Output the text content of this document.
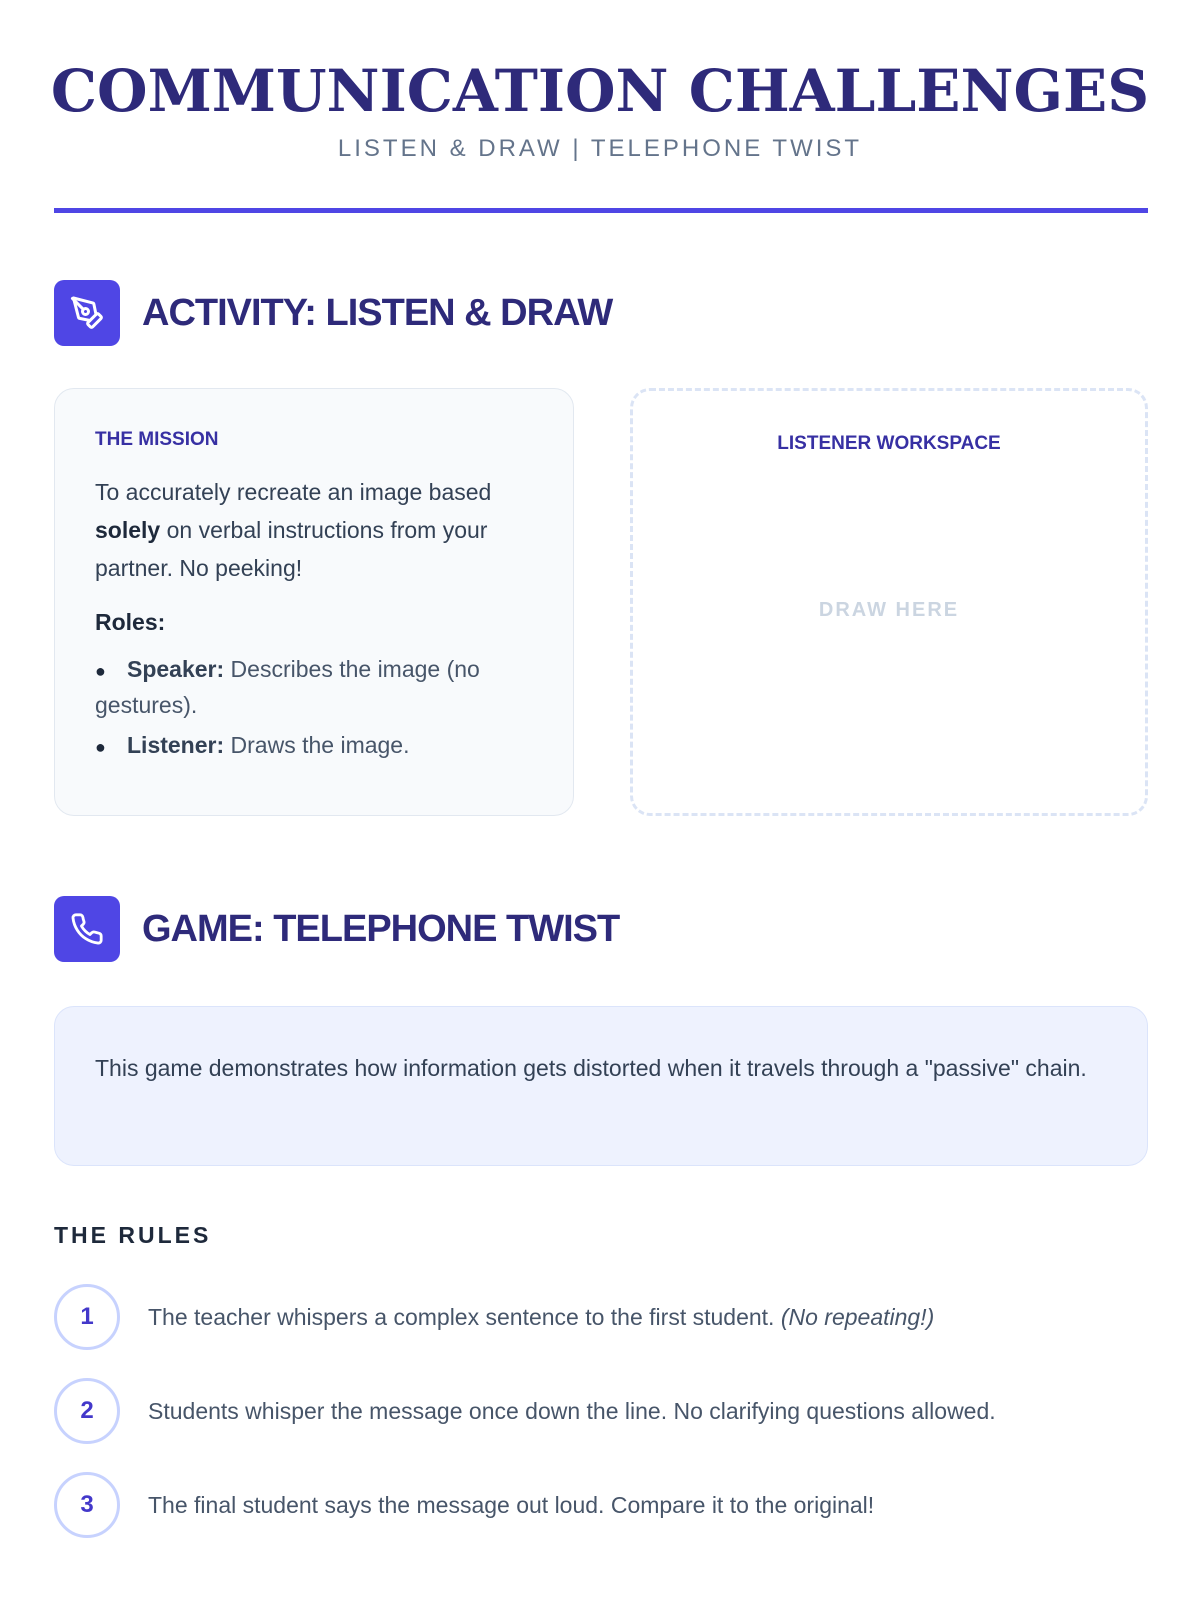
COMMUNICATION CHALLENGES
LISTEN & DRAW | TELEPHONE TWIST
ACTIVITY: LISTEN & DRAW
THE MISSION

To accurately recreate an image based solely on verbal instructions from your partner. No peeking!

Roles:
● Speaker: Describes the image (no gestures).
● Listener: Draws the image.
LISTENER WORKSPACE
DRAW HERE
GAME: TELEPHONE TWIST
This game demonstrates how information gets distorted when it travels through a "passive" chain.
THE RULES
1	The teacher whispers a complex sentence to the first student. (No repeating!)
2	Students whisper the message once down the line. No clarifying questions allowed.
3	The final student says the message out loud. Compare it to the original!
